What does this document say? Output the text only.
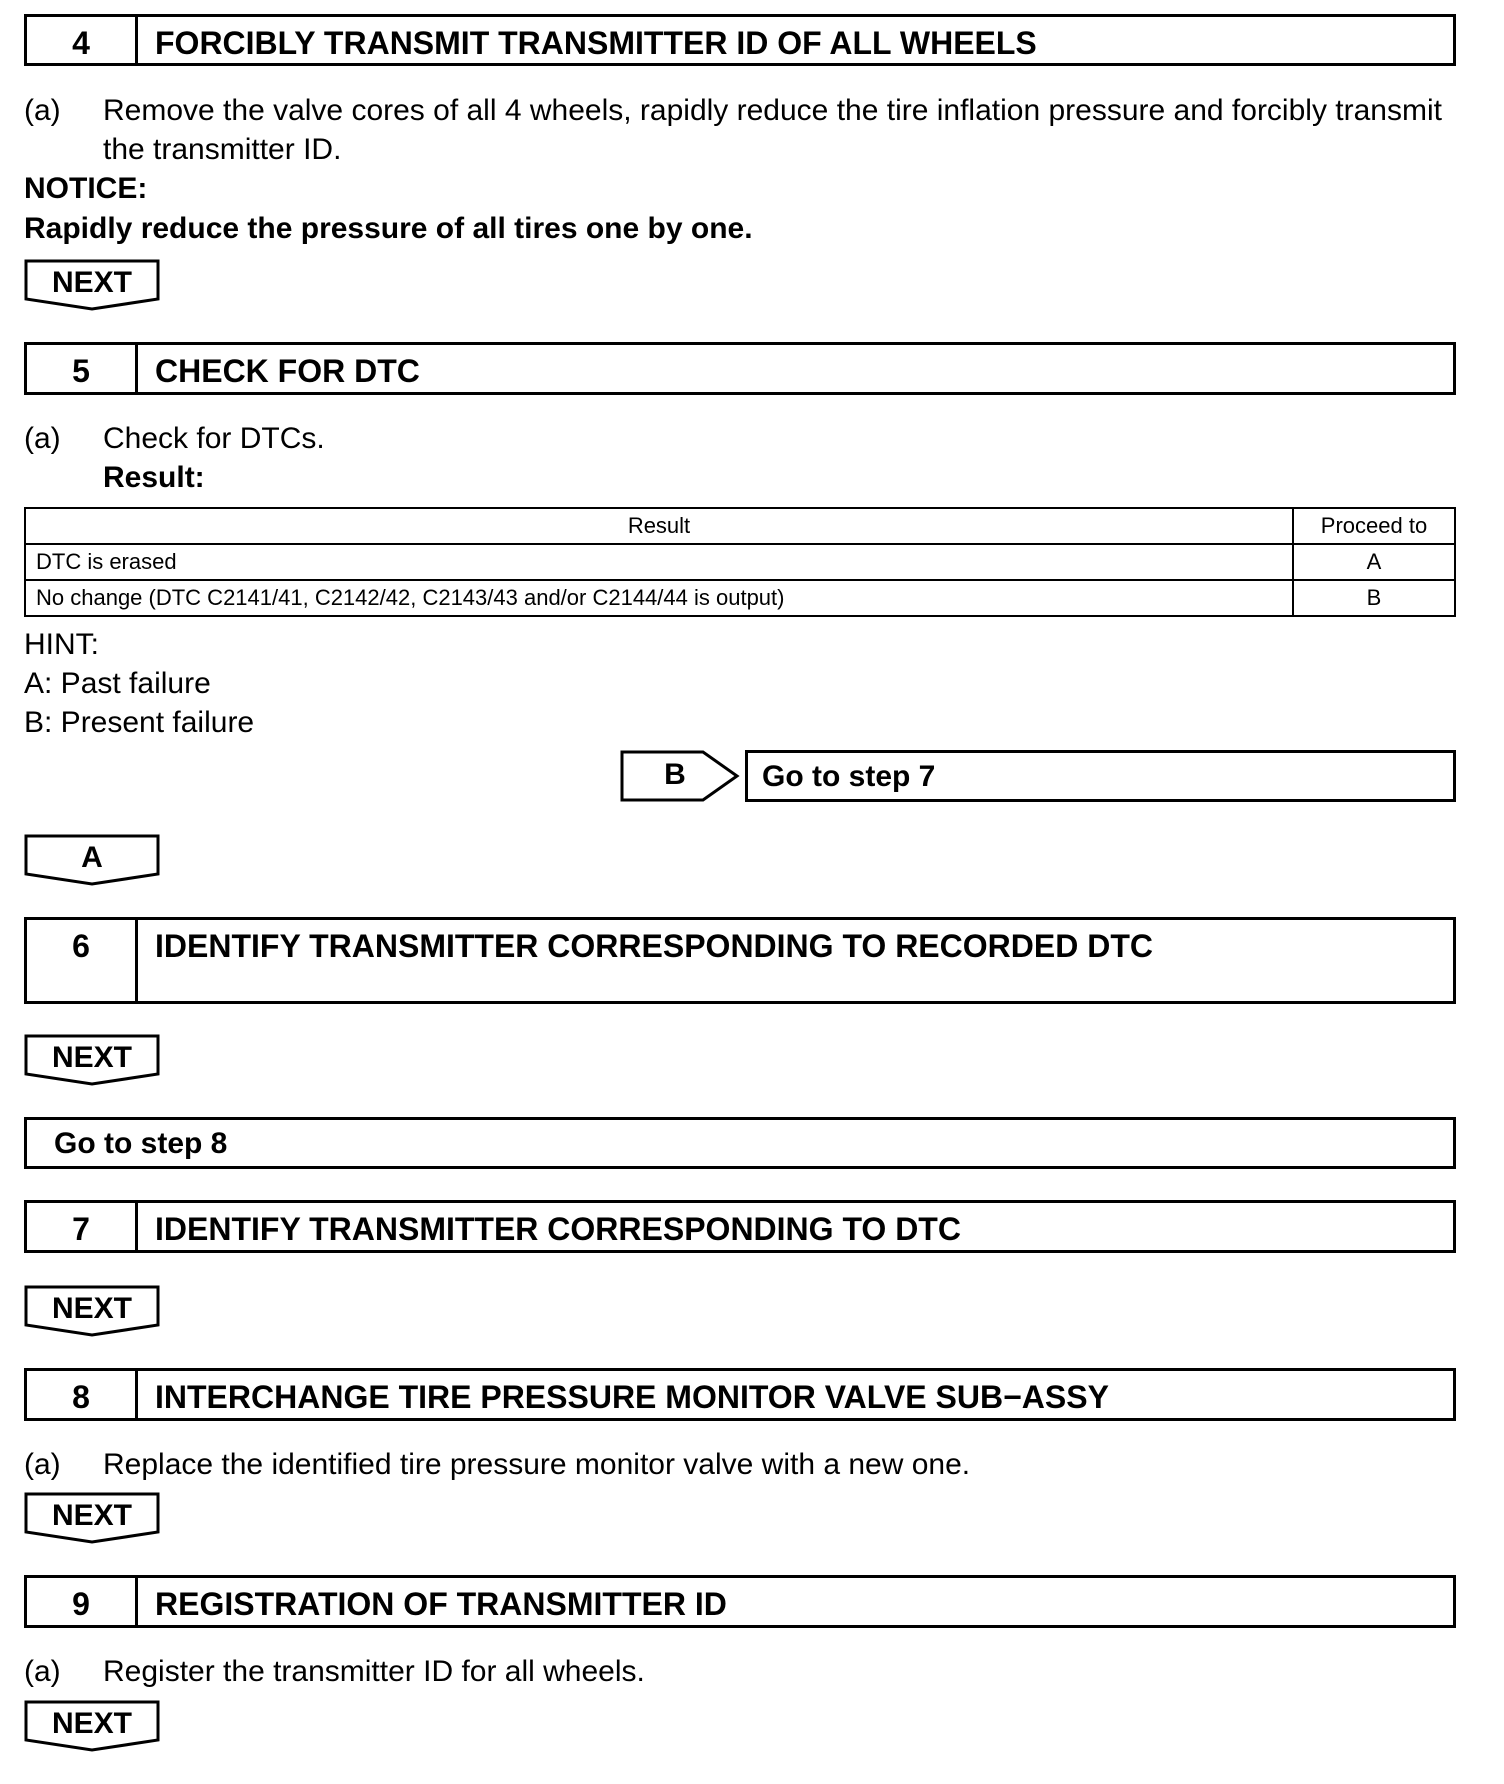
4	FORCIBLY TRANSMIT TRANSMITTER ID OF ALL WHEELS
(a) Remove the valve cores of all 4 wheels, rapidly reduce the tire inflation pressure and forcibly transmit
the transmitter ID.
NOTICE:
Rapidly reduce the pressure of all tires one by one.
NEXT
5	CHECK FOR DTC
(a) Check for DTCs.
Result:
Result	Proceed to
DTC is erased	A
No change (DTC C2141/41, C2142/42, C2143/43 and/or C2144/44 is output)	B
HINT:
A: Past failure
B: Present failure
B	Go to step 7
A
6	IDENTIFY TRANSMITTER CORRESPONDING TO RECORDED DTC
NEXT
Go to step 8
7	IDENTIFY TRANSMITTER CORRESPONDING TO DTC
NEXT
8	INTERCHANGE TIRE PRESSURE MONITOR VALVE SUB−ASSY
(a) Replace the identified tire pressure monitor valve with a new one.
NEXT
9	REGISTRATION OF TRANSMITTER ID
(a) Register the transmitter ID for all wheels.
NEXT
